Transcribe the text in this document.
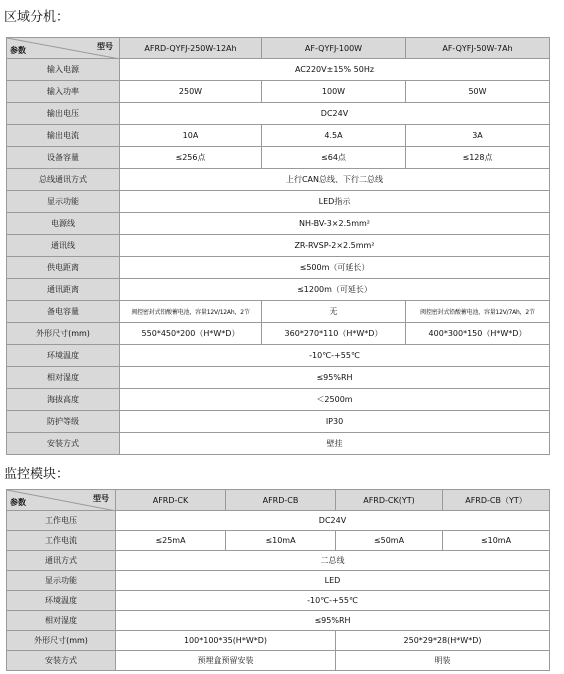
区域分机：
型号
参数	AFRD-QYFJ-250W-12Ah	AF-QYFJ-100W	AF-QYFJ-50W-7Ah
输入电源	AC220V±15% 50Hz		
输入功率	250W	100W	50W
输出电压	DC24V		
输出电流	10A	4.5A	3A
设备容量	≤256点	≤64点	≤128点
总线通讯方式	上行CAN总线、下行二总线		
显示功能	LED指示		
电源线	NH-BV-3×2.5mm²		
通讯线	ZR-RVSP-2×2.5mm²		
供电距离	≤500m（可延长）		
通讯距离	≤1200m（可延长）		
备电容量	阀控密封式铅酸蓄电池，容量12V/12Ah，2节	无	阀控密封式铅酸蓄电池，容量12V/7Ah，2节
外形尺寸(mm)	550*450*200（H*W*D）	360*270*110（H*W*D）	400*300*150（H*W*D）
环境温度	-10℃-+55℃		
相对湿度	≤95%RH		
海拔高度	＜2500m		
防护等级	IP30		
安装方式	壁挂		
监控模块：
型号
参数	AFRD-CK	AFRD-CB	AFRD-CK(YT)	AFRD-CB（YT）
工作电压	DC24V			
工作电流	≤25mA	≤10mA	≤50mA	≤10mA
通讯方式	二总线			
显示功能	LED			
环境温度	-10℃-+55℃			
相对湿度	≤95%RH			
外形尺寸(mm)	100*100*35(H*W*D)		250*29*28(H*W*D)	
安装方式	预埋盒预留安装		明装	
